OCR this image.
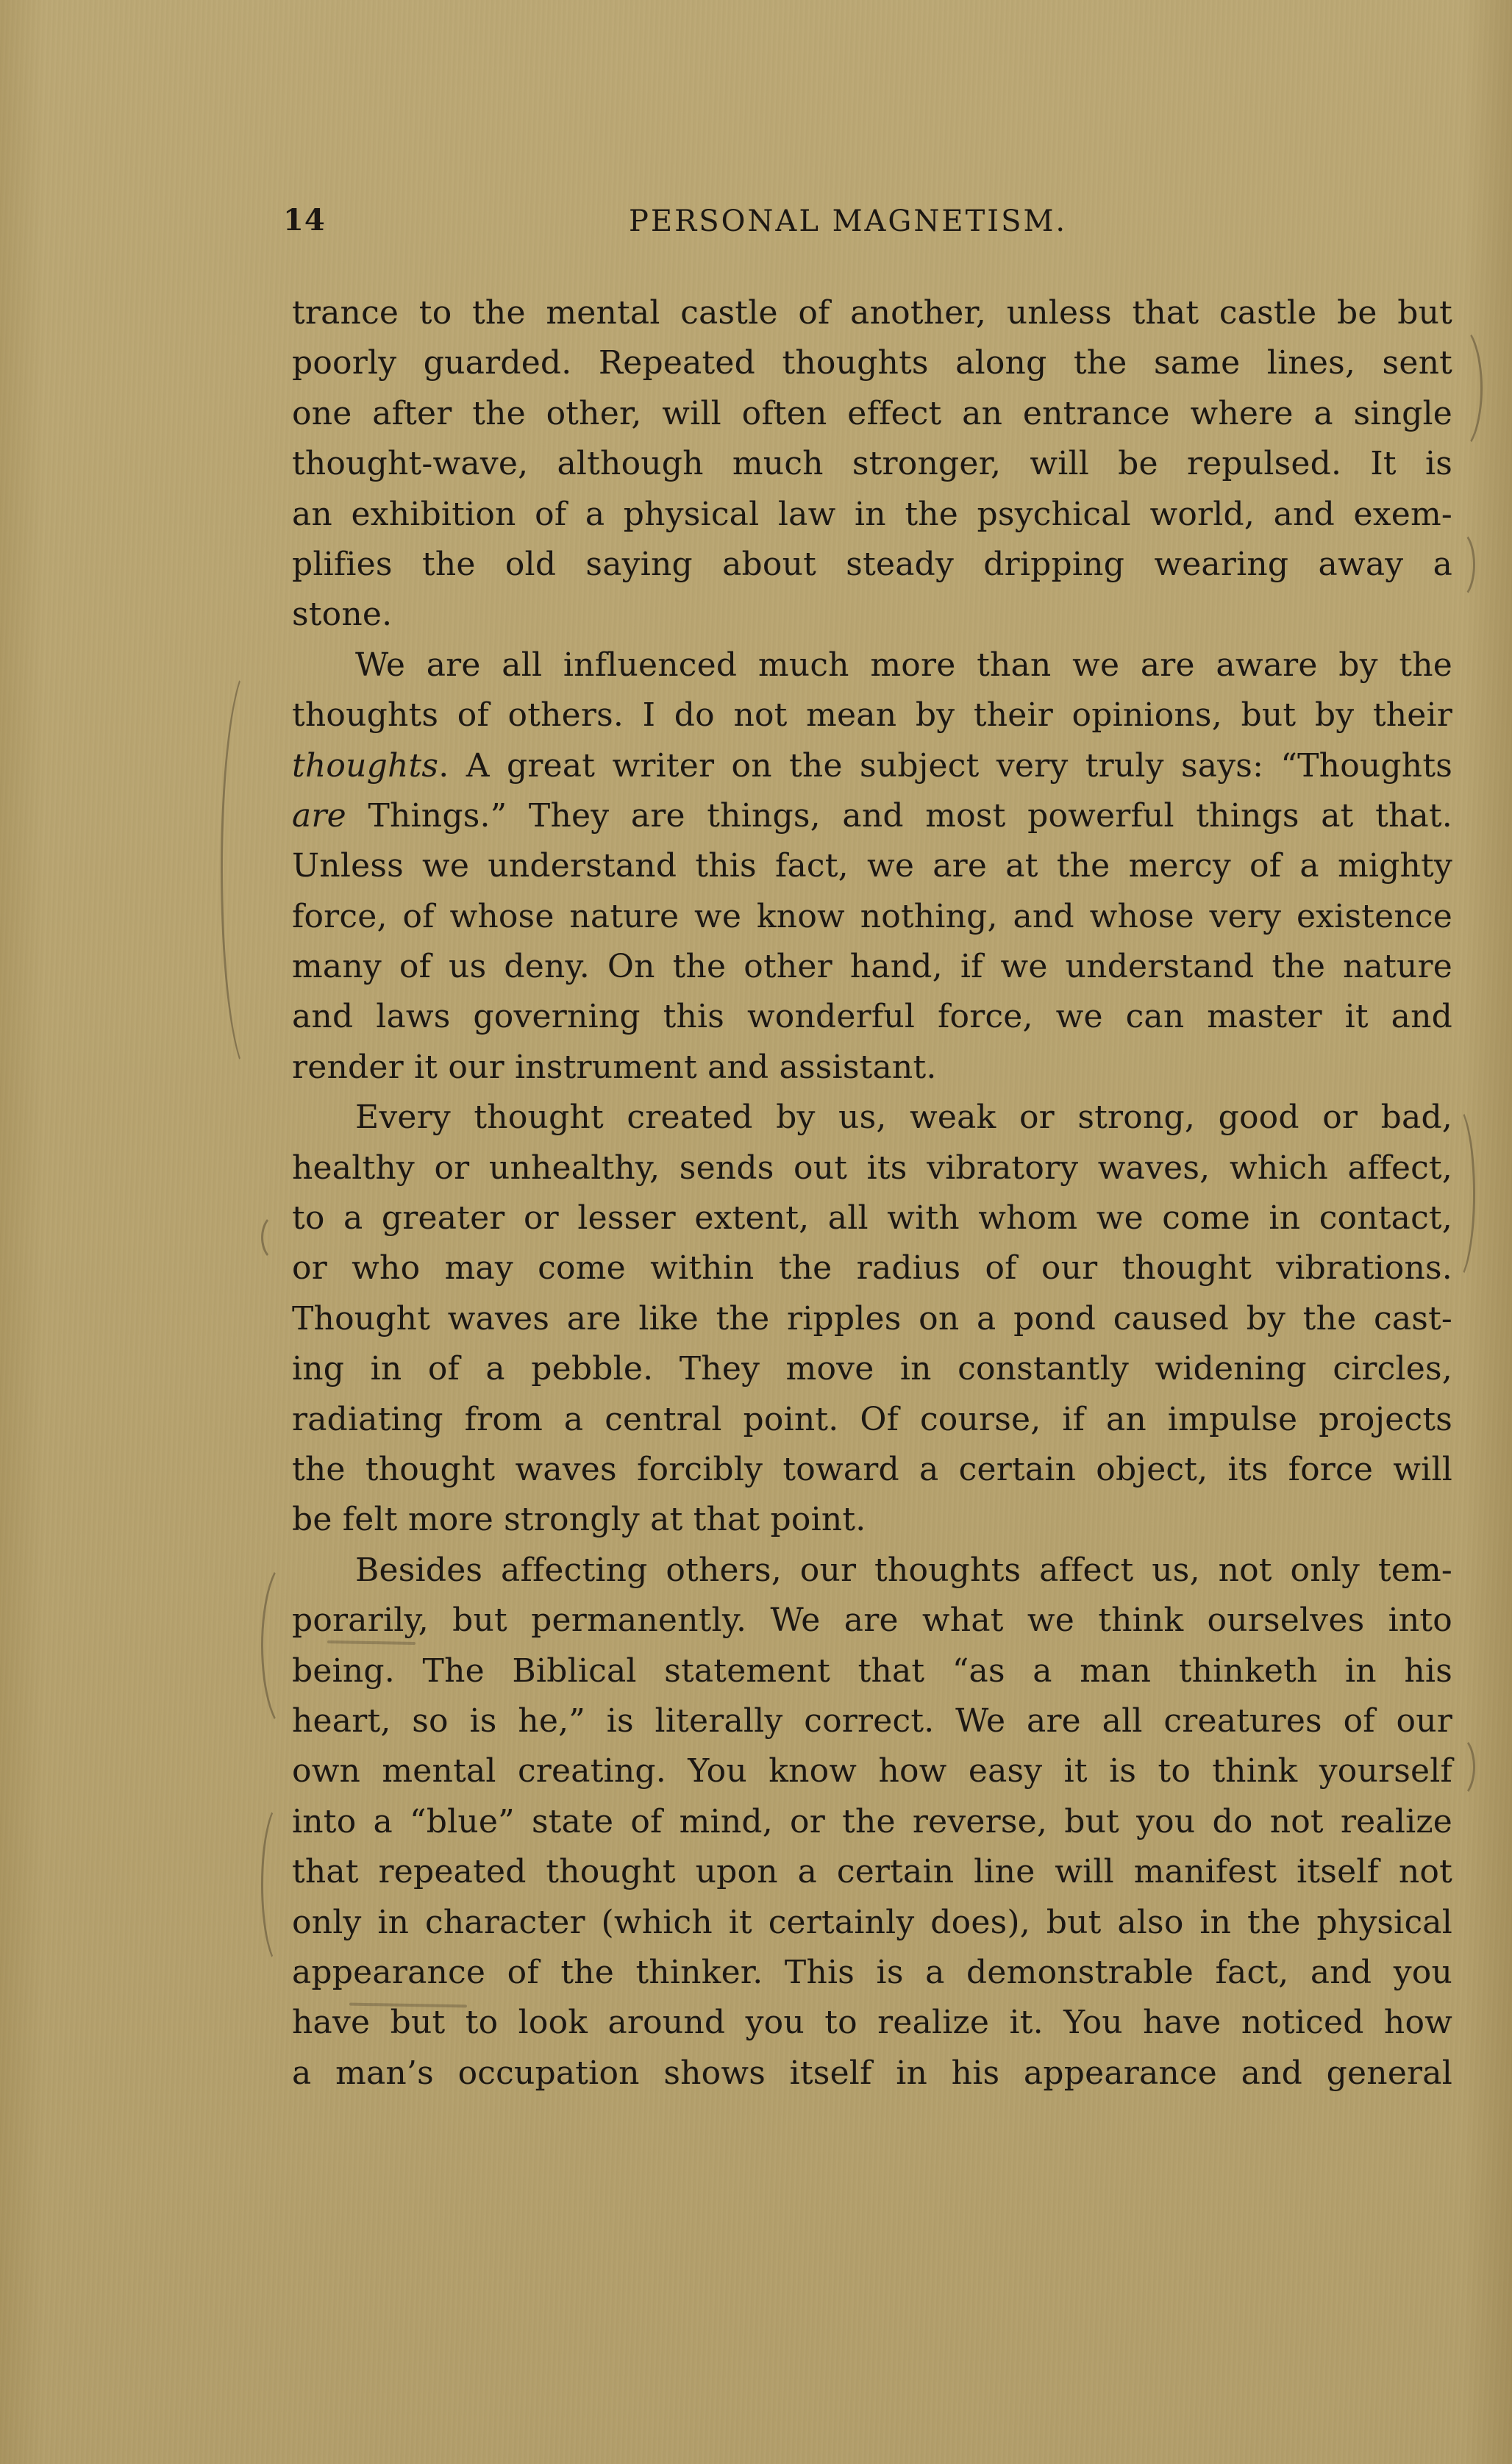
14	PERSONAL MAGNETISM.
trance to the mental castle of another, unless that castle be but
poorly guarded. Repeated thoughts along the same lines, sent
one after the other, will often effect an entrance where a single
thought-wave, although much stronger, will be repulsed. It is
an exhibition of a physical law in the psychical world, and exem-
plifies the old saying about steady dripping wearing away a
stone.
We are all influenced much more than we are aware by the
thoughts of others. I do not mean by their opinions, but by their
thoughts. A great writer on the subject very truly says: “Thoughts
are Things.” They are things, and most powerful things at that.
Unless we understand this fact, we are at the mercy of a mighty
force, of whose nature we know nothing, and whose very existence
many of us deny. On the other hand, if we understand the nature
and laws governing this wonderful force, we can master it and
render it our instrument and assistant.
Every thought created by us, weak or strong, good or bad,
healthy or unhealthy, sends out its vibratory waves, which affect,
to a greater or lesser extent, all with whom we come in contact,
or who may come within the radius of our thought vibrations.
Thought waves are like the ripples on a pond caused by the cast-
ing in of a pebble. They move in constantly widening circles,
radiating from a central point. Of course, if an impulse projects
the thought waves forcibly toward a certain object, its force will
be felt more strongly at that point.
Besides affecting others, our thoughts affect us, not only tem-
porarily, but permanently. We are what we think ourselves into
being. The Biblical statement that “as a man thinketh in his
heart, so is he,” is literally correct. We are all creatures of our
own mental creating. You know how easy it is to think yourself
into a “blue” state of mind, or the reverse, but you do not realize
that repeated thought upon a certain line will manifest itself not
only in character (which it certainly does), but also in the physical
appearance of the thinker. This is a demonstrable fact, and you
have but to look around you to realize it. You have noticed how
a man’s occupation shows itself in his appearance and general
